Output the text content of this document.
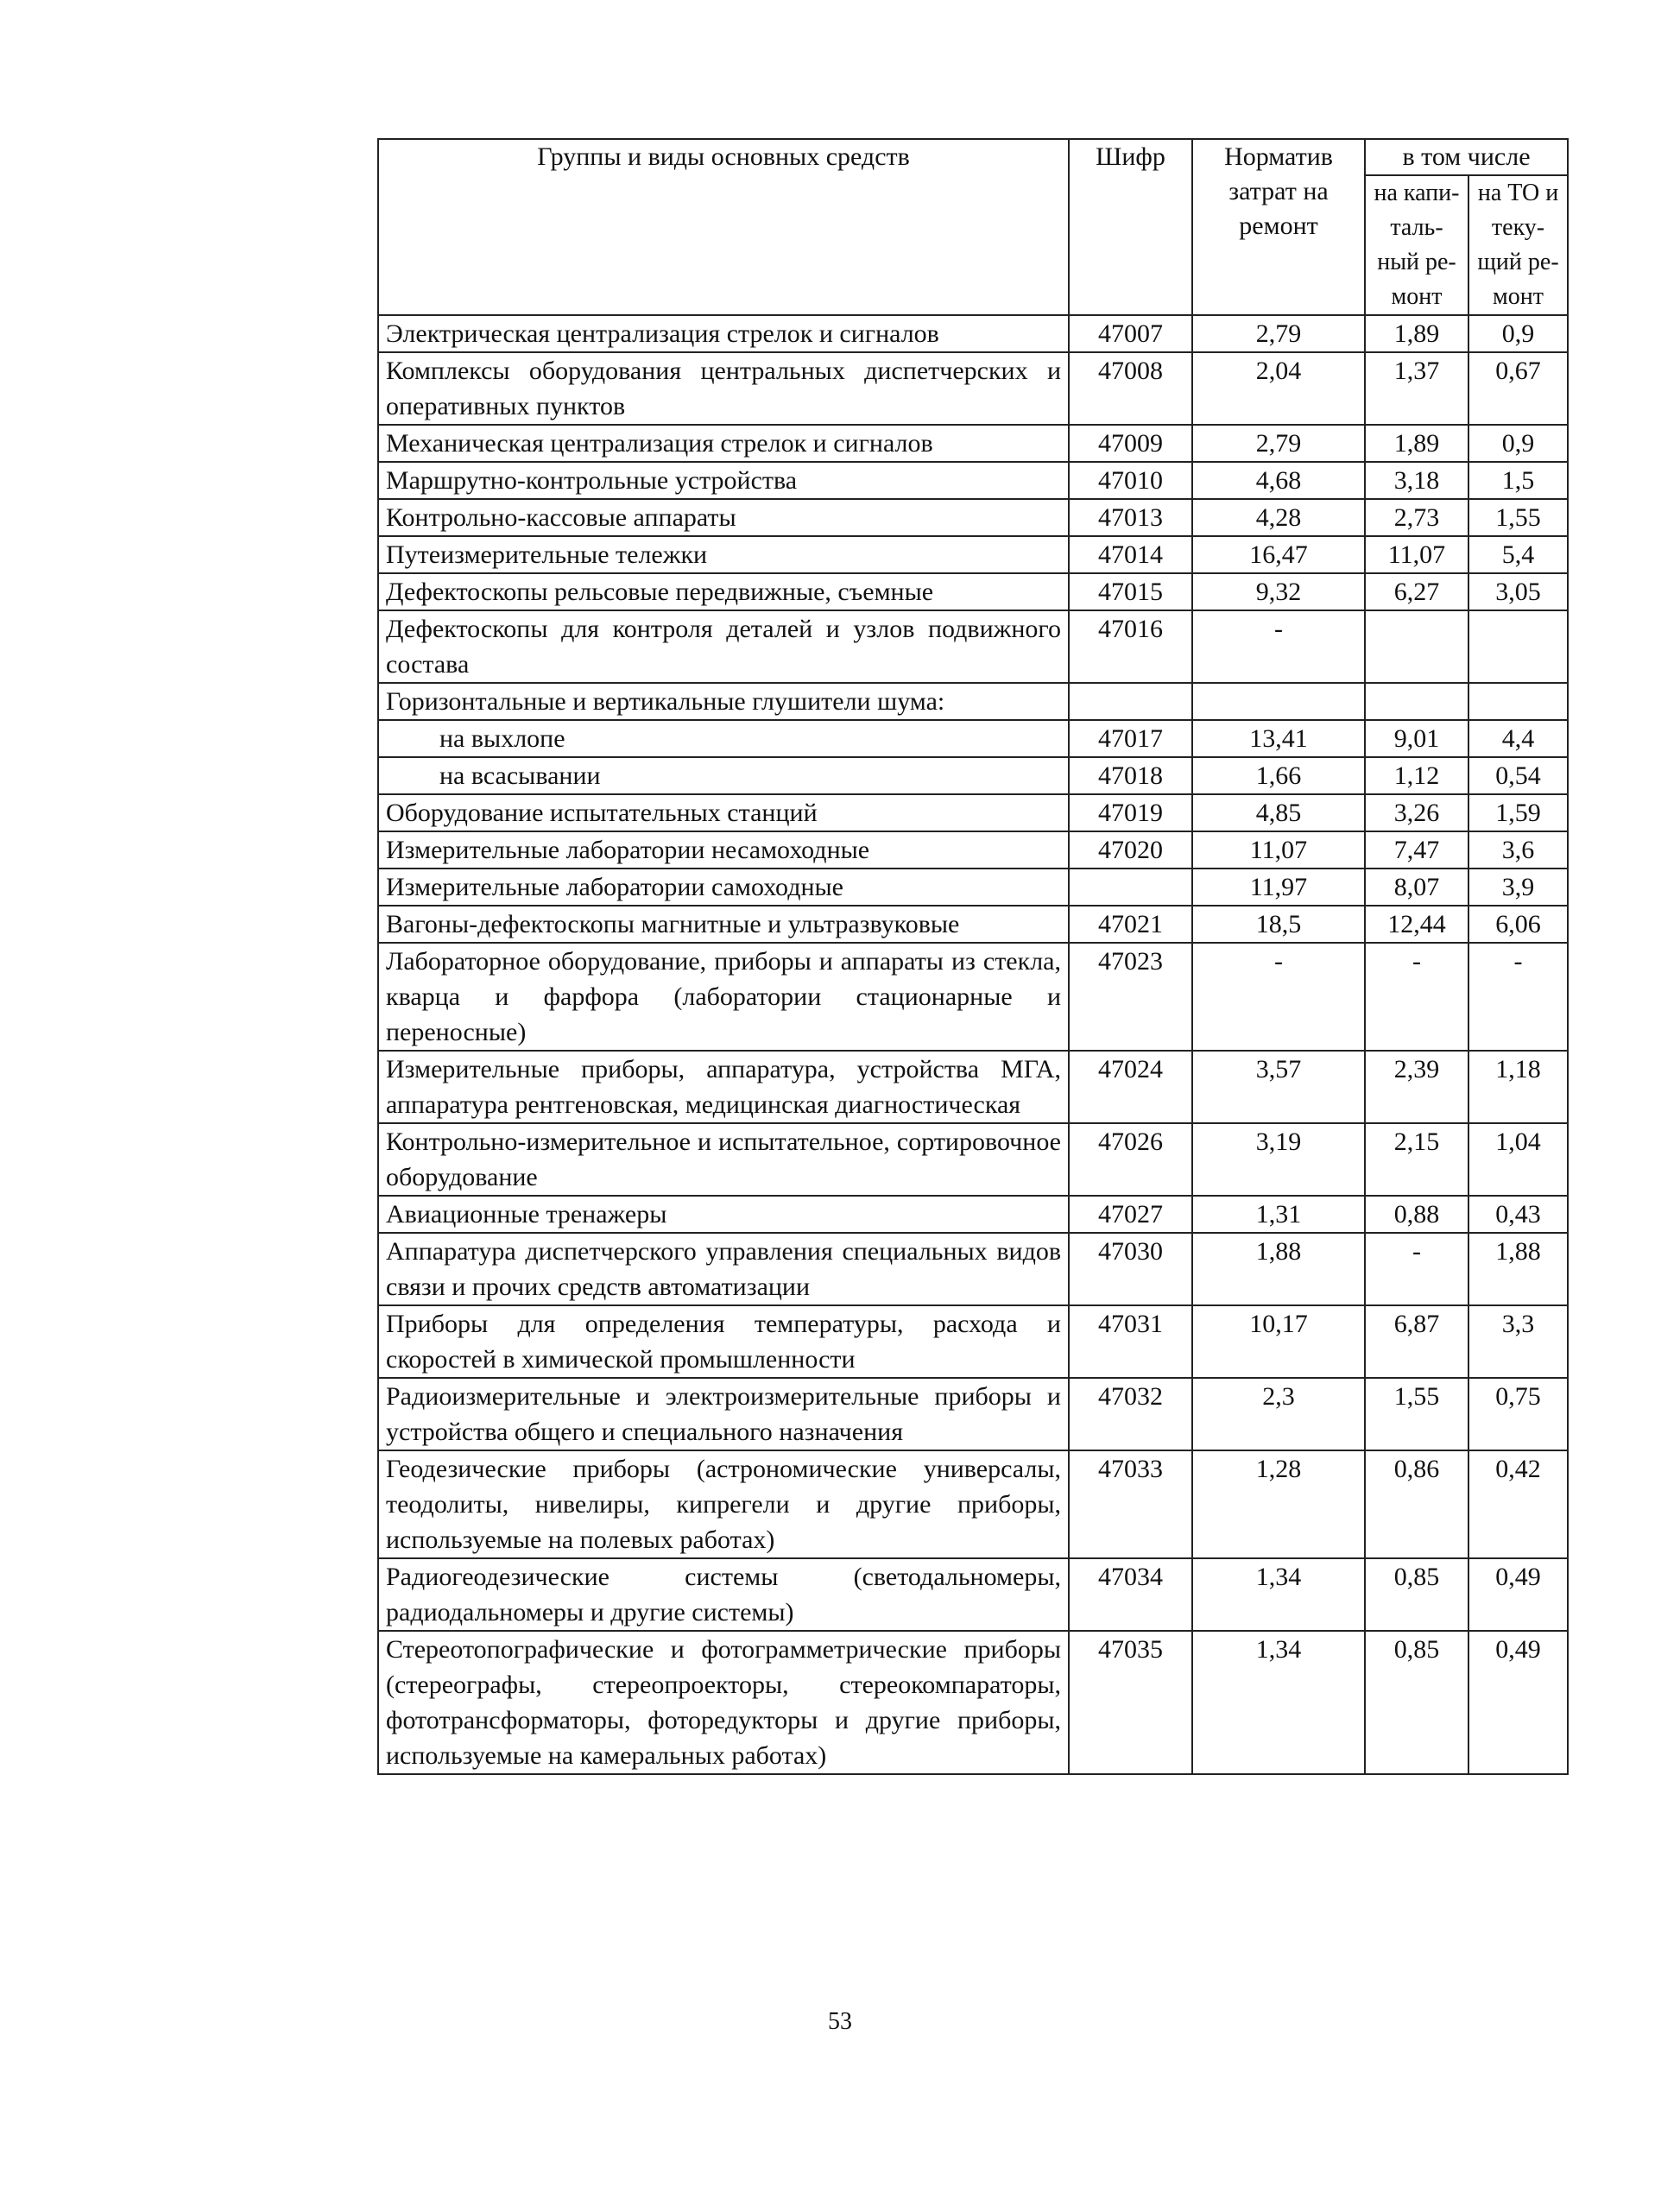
Группы и виды основных средств	Шифр	Норматив затрат на ремонт	в том числе	
			на капи-таль-ный ре-монт	на ТО и теку-щий ре-монт
Электрическая централизация стрелок и сигналов	47007	2,79	1,89	0,9
Комплексы оборудования центральных диспетчерских и оперативных пунктов	47008	2,04	1,37	0,67
Механическая централизация стрелок и сигналов	47009	2,79	1,89	0,9
Маршрутно-контрольные устройства	47010	4,68	3,18	1,5
Контрольно-кассовые аппараты	47013	4,28	2,73	1,55
Путеизмерительные тележки	47014	16,47	11,07	5,4
Дефектоскопы рельсовые передвижные, съемные	47015	9,32	6,27	3,05
Дефектоскопы для контроля деталей и узлов подвижного состава	47016	-		
Горизонтальные и вертикальные глушители шума:				
на выхлопе	47017	13,41	9,01	4,4
на всасывании	47018	1,66	1,12	0,54
Оборудование испытательных станций	47019	4,85	3,26	1,59
Измерительные лаборатории несамоходные	47020	11,07	7,47	3,6
Измерительные лаборатории самоходные		11,97	8,07	3,9
Вагоны-дефектоскопы магнитные и ультразвуковые	47021	18,5	12,44	6,06
Лабораторное оборудование, приборы и аппараты из стекла, кварца и фарфора (лаборатории стационарные и переносные)	47023	-	-	-
Измерительные приборы, аппаратура, устройства МГА, аппаратура рентгеновская, медицинская диагностическая	47024	3,57	2,39	1,18
Контрольно-измерительное и испытательное, сортировочное оборудование	47026	3,19	2,15	1,04
Авиационные тренажеры	47027	1,31	0,88	0,43
Аппаратура диспетчерского управления специальных видов связи и прочих средств автоматизации	47030	1,88	-	1,88
Приборы для определения температуры, расхода и скоростей в химической промышленности	47031	10,17	6,87	3,3
Радиоизмерительные и электроизмерительные приборы и устройства общего и специального назначения	47032	2,3	1,55	0,75
Геодезические приборы (астрономические универсалы, теодолиты, нивелиры, кипрегели и другие приборы, используемые на полевых работах)	47033	1,28	0,86	0,42
Радиогеодезические системы (светодальномеры, радиодальномеры и другие системы)	47034	1,34	0,85	0,49
Стереотопографические и фотограмметрические приборы (стереографы, стереопроекторы, стереокомпараторы, фототрансформаторы, фоторедукторы и другие приборы, используемые на камеральных работах)	47035	1,34	0,85	0,49
53
